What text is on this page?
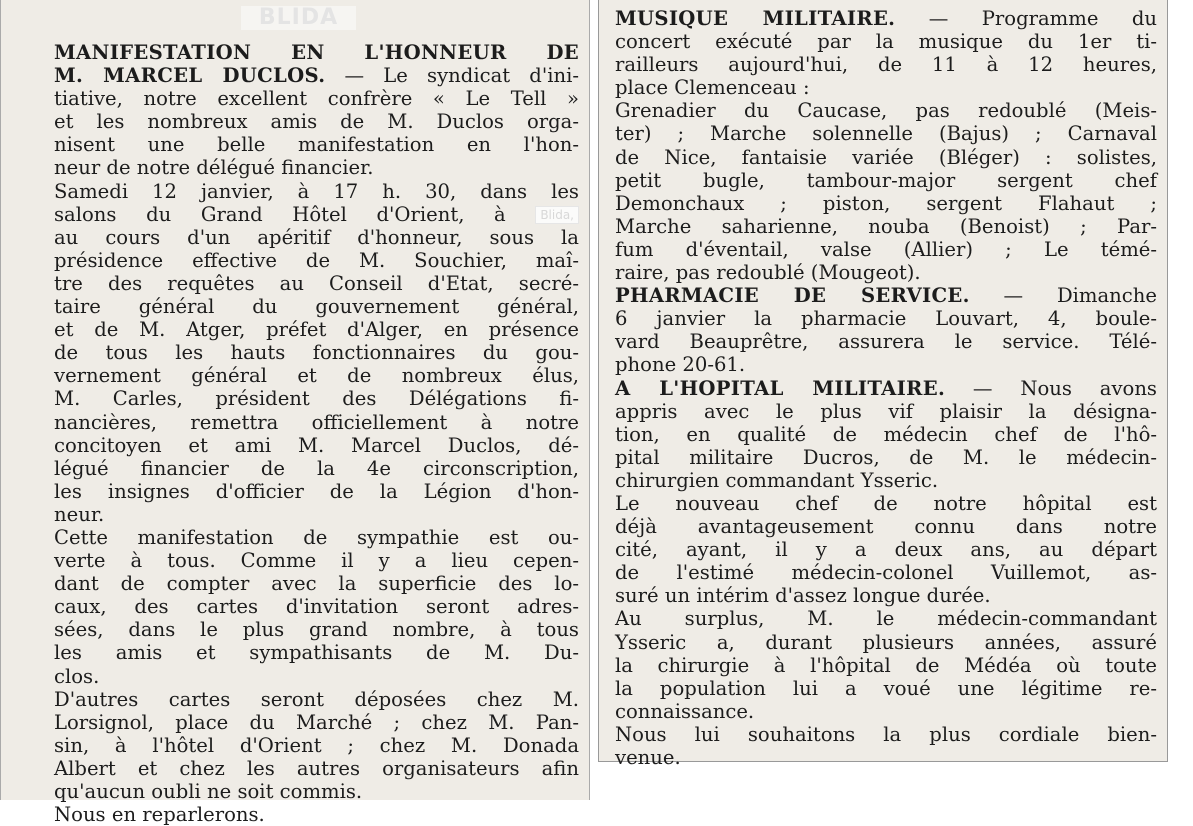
BLIDA
MANIFESTATION EN L'HONNEUR DE
M. MARCEL DUCLOS. — Le syndicat d'ini-
tiative, notre excellent confrère « Le Tell »
et les nombreux amis de M. Duclos orga-
nisent une belle manifestation en l'hon-
neur de notre délégué financier.
Samedi 12 janvier, à 17 h. 30, dans les
salons du Grand Hôtel d'Orient, à Blida,
au cours d'un apéritif d'honneur, sous la
présidence effective de M. Souchier, maî-
tre des requêtes au Conseil d'Etat, secré-
taire général du gouvernement général,
et de M. Atger, préfet d'Alger, en présence
de tous les hauts fonctionnaires du gou-
vernement général et de nombreux élus,
M. Carles, président des Délégations fi-
nancières, remettra officiellement à notre
concitoyen et ami M. Marcel Duclos, dé-
légué financier de la 4e circonscription,
les insignes d'officier de la Légion d'hon-
neur.
Cette manifestation de sympathie est ou-
verte à tous. Comme il y a lieu cepen-
dant de compter avec la superficie des lo-
caux, des cartes d'invitation seront adres-
sées, dans le plus grand nombre, à tous
les amis et sympathisants de M. Du-
clos.
D'autres cartes seront déposées chez M.
Lorsignol, place du Marché ; chez M. Pan-
sin, à l'hôtel d'Orient ; chez M. Donada
Albert et chez les autres organisateurs afin
qu'aucun oubli ne soit commis.
Nous en reparlerons.
MUSIQUE MILITAIRE. — Programme du
concert exécuté par la musique du 1er ti-
railleurs aujourd'hui, de 11 à 12 heures,
place Clemenceau :
Grenadier du Caucase, pas redoublé (Meis-
ter) ; Marche solennelle (Bajus) ; Carnaval
de Nice, fantaisie variée (Bléger) : solistes,
petit bugle, tambour-major sergent chef
Demonchaux ; piston, sergent Flahaut ;
Marche saharienne, nouba (Benoist) ; Par-
fum d'éventail, valse (Allier) ; Le témé-
raire, pas redoublé (Mougeot).
PHARMACIE DE SERVICE. — Dimanche
6 janvier la pharmacie Louvart, 4, boule-
vard Beauprêtre, assurera le service. Télé-
phone 20-61.
A L'HOPITAL MILITAIRE. — Nous avons
appris avec le plus vif plaisir la désigna-
tion, en qualité de médecin chef de l'hô-
pital militaire Ducros, de M. le médecin-
chirurgien commandant Ysseric.
Le nouveau chef de notre hôpital est
déjà avantageusement connu dans notre
cité, ayant, il y a deux ans, au départ
de l'estimé médecin-colonel Vuillemot, as-
suré un intérim d'assez longue durée.
Au surplus, M. le médecin-commandant
Ysseric a, durant plusieurs années, assuré
la chirurgie à l'hôpital de Médéa où toute
la population lui a voué une légitime re-
connaissance.
Nous lui souhaitons la plus cordiale bien-
venue.
